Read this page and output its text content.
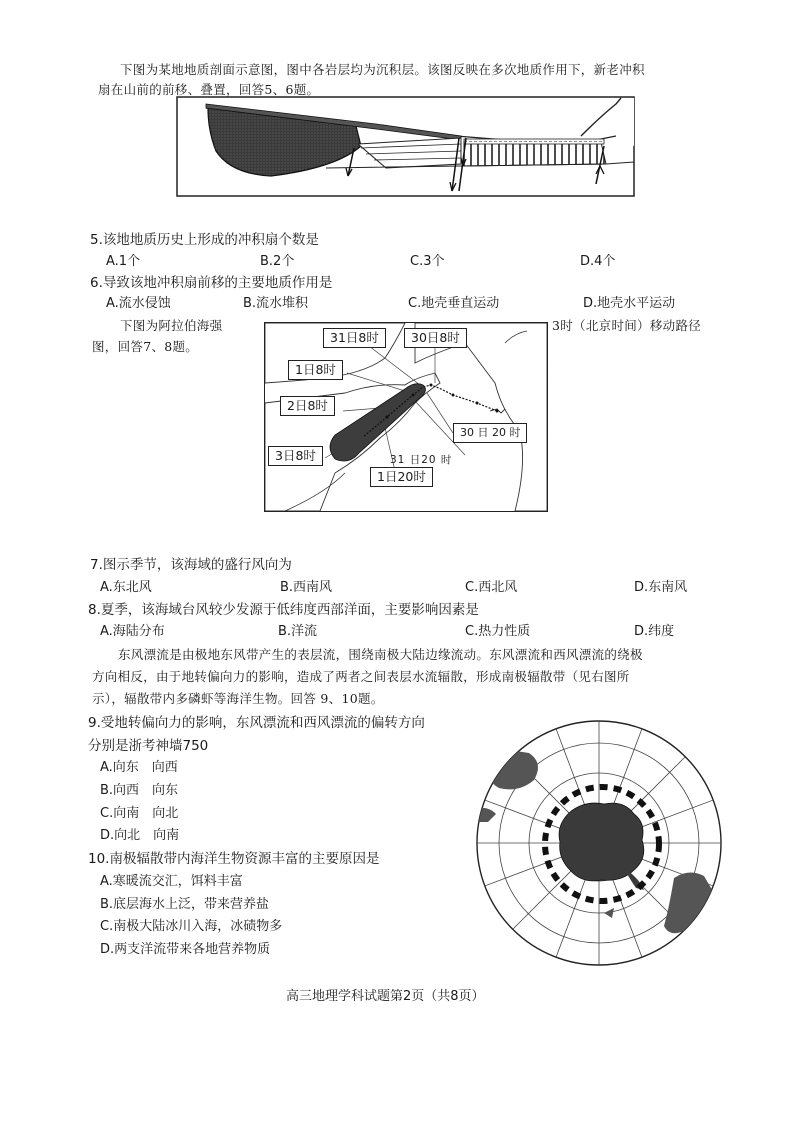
下图为某地地质剖面示意图，图中各岩层均为沉积层。该图反映在多次地质作用下，新老冲积
扇在山前的前移、叠置，回答5、6题。
5.该地地质历史上形成的冲积扇个数是
A.1个	B.2个	C.3个	D.4个
6.导致该地冲积扇前移的主要地质作用是
A.流水侵蚀	B.流水堆积	C.地壳垂直运动	D.地壳水平运动
下图为阿拉伯海强	3时（北京时间）移动路径
图，回答7、8题。
31日8时	30日8时
1日8时
2日8时
30 日 20 时
31 日20 时
3日8时
1日20时
7.图示季节，该海域的盛行风向为
A.东北风	B.西南风	C.西北风	D.东南风
8.夏季，该海域台风较少发源于低纬度西部洋面，主要影响因素是
A.海陆分布	B.洋流	C.热力性质	D.纬度
东风漂流是由极地东风带产生的表层流，围绕南极大陆边缘流动。东风漂流和西风漂流的绕极
方向相反，由于地转偏向力的影响，造成了两者之间表层水流辐散，形成南极辐散带（见右图所
示），辐散带内多磷虾等海洋生物。回答 9、10题。
9.受地转偏向力的影响，东风漂流和西风漂流的偏转方向
分别是浙考神墙750
A.向东　向西
B.向西　向东
C.向南　向北
D.向北　向南
10.南极辐散带内海洋生物资源丰富的主要原因是
A.寒暖流交汇，饵料丰富
B.底层海水上泛，带来营养盐
C.南极大陆冰川入海，冰碛物多
D.两支洋流带来各地营养物质
高三地理学科试题第2页（共8页）
